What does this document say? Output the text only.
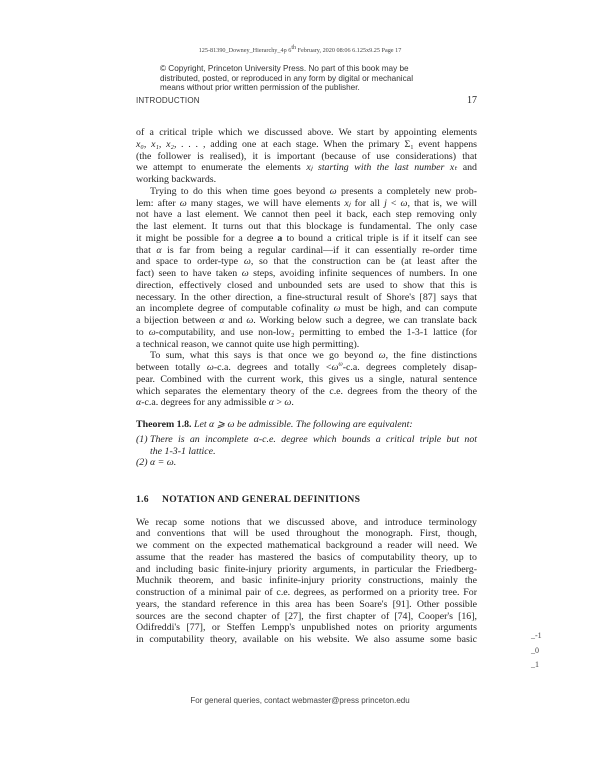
125-81390_Downey_Hierarchy_4p 6th February, 2020 08:06 6.125x9.25 Page 17
© Copyright, Princeton University Press. No part of this book may be
distributed, posted, or reproduced in any form by digital or mechanical
means without prior written permission of the publisher.
INTRODUCTION	17
of a critical triple which we discussed above. We start by appointing elements
x₀, x₁, x₂, . . . , adding one at each stage. When the primary Σ₁ event happens
(the follower is realised), it is important (because of use considerations) that
we attempt to enumerate the elements xⱼ starting with the last number xₜ and
working backwards.
Trying to do this when time goes beyond ω presents a completely new prob-
lem: after ω many stages, we will have elements xⱼ for all j < ω, that is, we will
not have a last element. We cannot then peel it back, each step removing only
the last element. It turns out that this blockage is fundamental. The only case
it might be possible for a degree a to bound a critical triple is if it itself can see
that α is far from being a regular cardinal—if it can essentially re-order time
and space to order-type ω, so that the construction can be (at least after the
fact) seen to have taken ω steps, avoiding infinite sequences of numbers. In one
direction, effectively closed and unbounded sets are used to show that this is
necessary. In the other direction, a fine-structural result of Shore's [87] says that
an incomplete degree of computable cofinality ω must be high, and can compute
a bijection between α and ω. Working below such a degree, we can translate back
to ω-computability, and use non-low₂ permitting to embed the 1-3-1 lattice (for
a technical reason, we cannot quite use high permitting).
To sum, what this says is that once we go beyond ω, the fine distinctions
between totally ω-c.a. degrees and totally $<\omega^\omega-c.a$. degrees completely disap-
pear. Combined with the current work, this gives us a single, natural sentence
which separates the elementary theory of the c.e. degrees from the theory of the
α-c.a. degrees for any admissible α > ω.
Theorem 1.8. Let α ⩾ ω be admissible. The following are equivalent:
(1) There is an incomplete α-c.e. degree which bounds a critical triple but not
the 1-3-1 lattice.
(2) α = ω.
1.6 NOTATION AND GENERAL DEFINITIONS
We recap some notions that we discussed above, and introduce terminology
and conventions that will be used throughout the monograph. First, though,
we comment on the expected mathematical background a reader will need. We
assume that the reader has mastered the basics of computability theory, up to
and including basic finite-injury priority arguments, in particular the Friedberg-
Muchnik theorem, and basic infinite-injury priority constructions, mainly the
construction of a minimal pair of c.e. degrees, as performed on a priority tree. For
years, the standard reference in this area has been Soare's [91]. Other possible
sources are the second chapter of [27], the first chapter of [74], Cooper's [16],
Odifreddi's [77], or Steffen Lempp's unpublished notes on priority arguments
in computability theory, available on his website. We also assume some basic	_-1
_0
_1
For general queries, contact webmaster@press princeton.edu
